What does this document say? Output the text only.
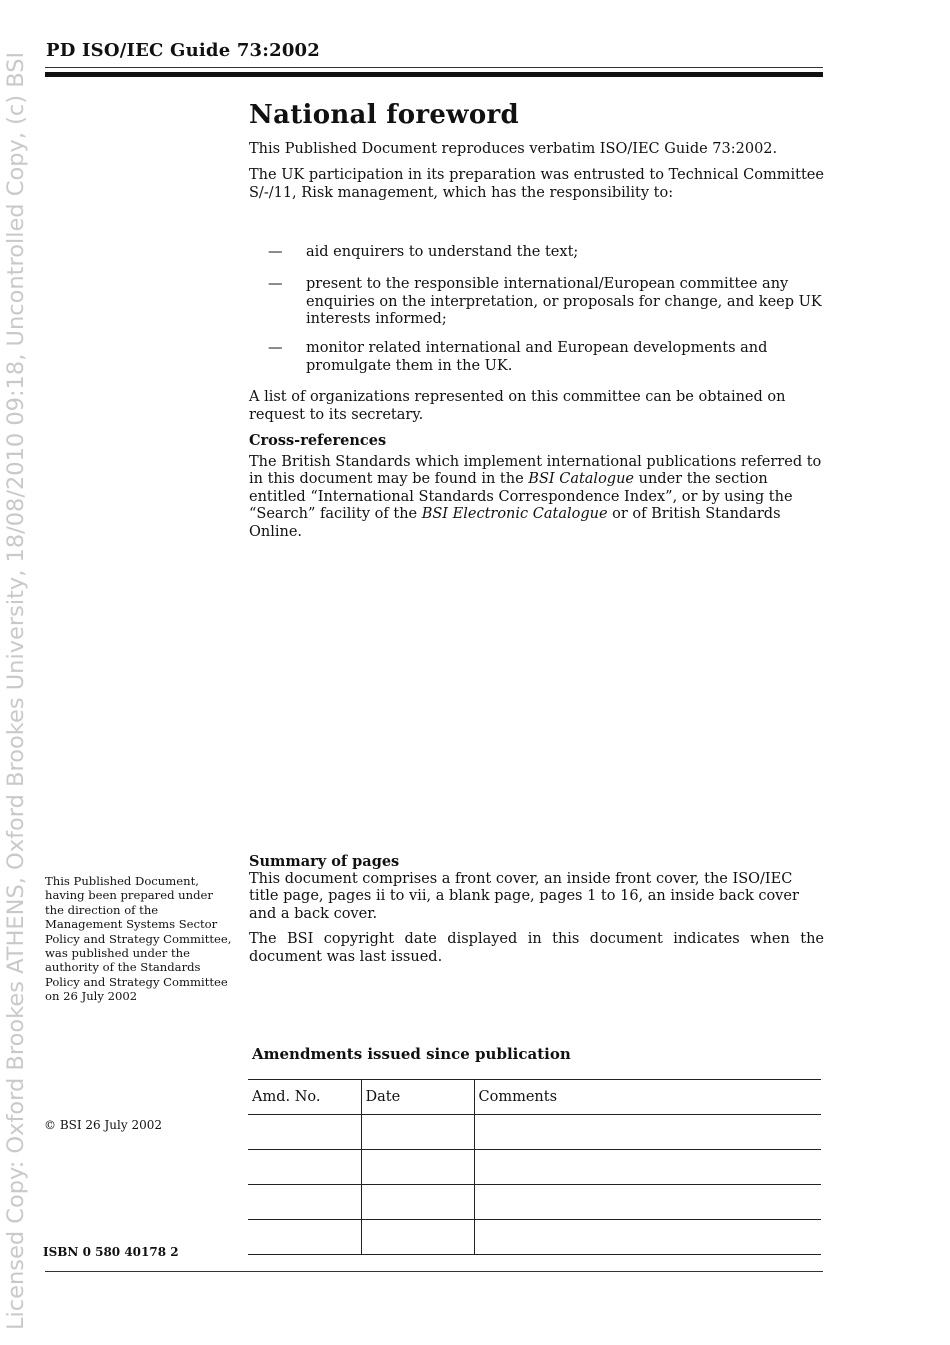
Licensed Copy: Oxford Brookes ATHENS, Oxford Brookes University, 18/08/2010 09:18, Uncontrolled Copy, (c) BSI
PD ISO/IEC Guide 73:2002
National foreword

This Published Document reproduces verbatim ISO/IEC Guide 73:2002.

The UK participation in its preparation was entrusted to Technical Committee S/-/11, Risk management, which has the responsibility to:

— aid enquirers to understand the text;
— present to the responsible international/European committee any enquiries on the interpretation, or proposals for change, and keep UK interests informed;
— monitor related international and European developments and promulgate them in the UK.

A list of organizations represented on this committee can be obtained on request to its secretary.

Cross-references

The British Standards which implement international publications referred to in this document may be found in the BSI Catalogue under the section entitled “International Standards Correspondence Index”, or by using the “Search” facility of the BSI Electronic Catalogue or of British Standards Online.

Summary of pages

This document comprises a front cover, an inside front cover, the ISO/IEC title page, pages ii to vii, a blank page, pages 1 to 16, an inside back cover and a back cover.

The BSI copyright date displayed in this document indicates when the document was last issued.

This Published Document, having been prepared under the direction of the Management Systems Sector Policy and Strategy Committee, was published under the authority of the Standards Policy and Strategy Committee on 26 July 2002
© BSI 26 July 2002
ISBN 0 580 40178 2
Amendments issued since publication
Amd. No.	Date	Comments
